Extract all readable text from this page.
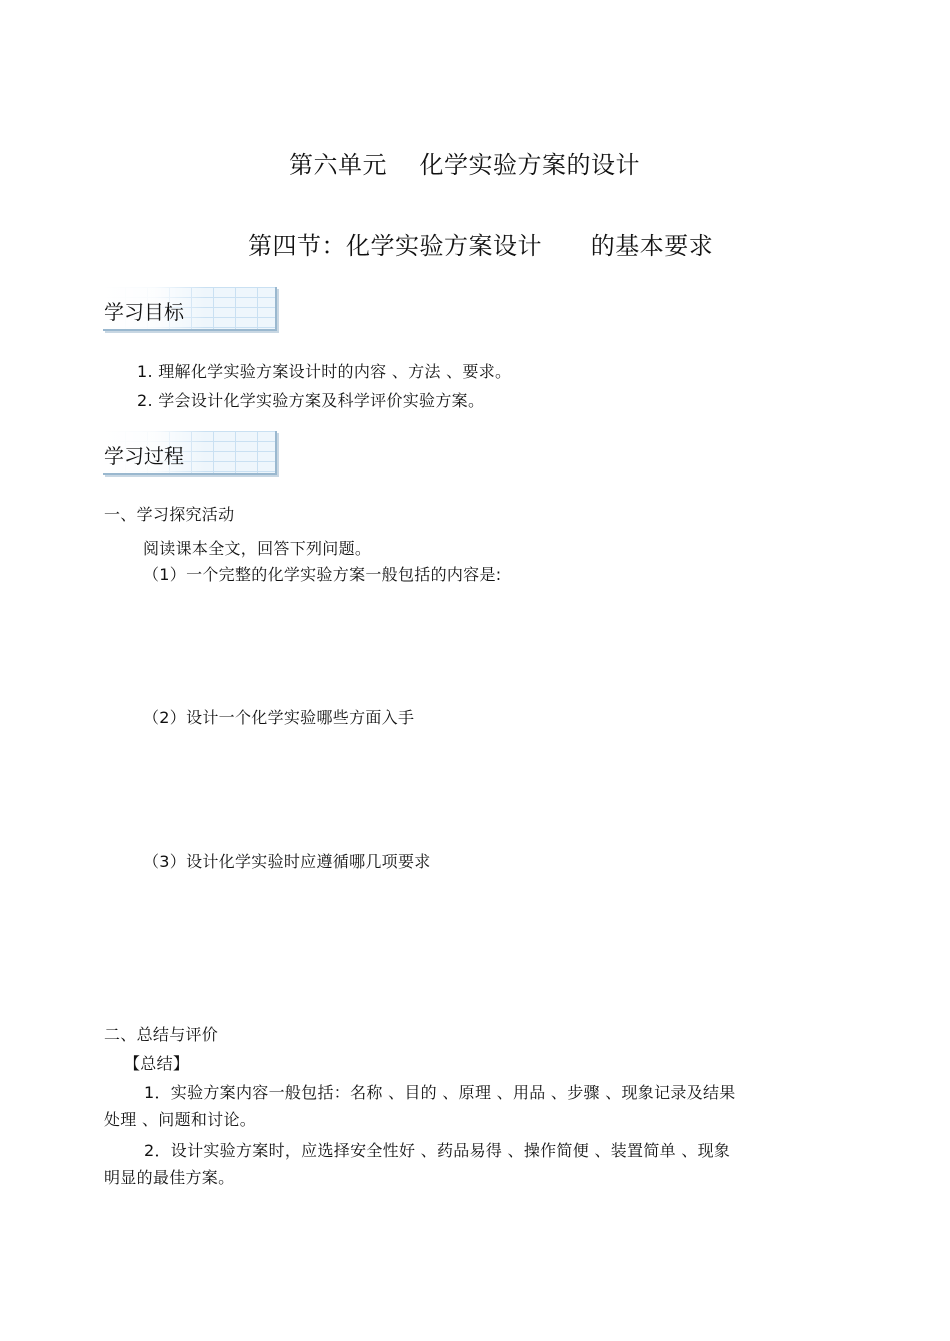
第六单元    化学实验方案的设计
第四节：化学实验方案设计      的基本要求
学习目标
1. 理解化学实验方案设计时的内容 、方法 、要求。
2. 学会设计化学实验方案及科学评价实验方案。
学习过程
一、学习探究活动
阅读课本全文，回答下列问题。
（1）一个完整的化学实验方案一般包括的内容是:
（2）设计一个化学实验哪些方面入手
（3）设计化学实验时应遵循哪几项要求
二、总结与评价
【总结】
1．实验方案内容一般包括：名称 、目的 、原理 、用品 、步骤 、现象记录及结果
处理 、问题和讨论。
2．设计实验方案时，应选择安全性好 、药品易得 、操作简便 、装置简单 、现象
明显的最佳方案。
